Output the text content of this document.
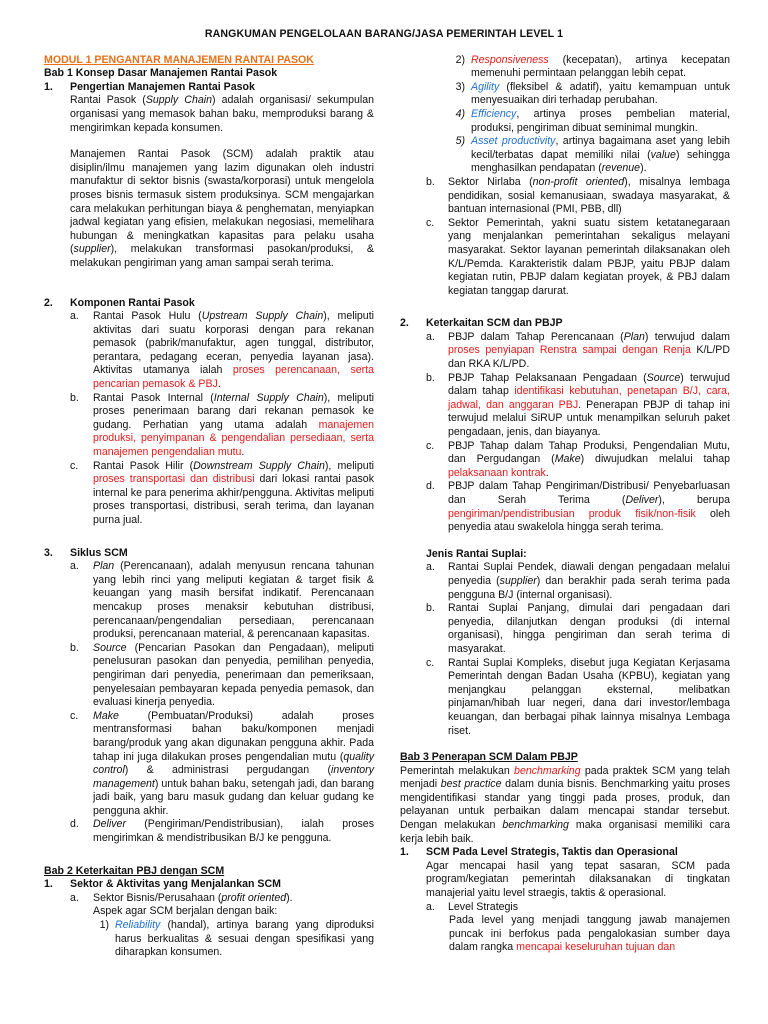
RANGKUMAN PENGELOLAAN BARANG/JASA PEMERINTAH LEVEL 1
MODUL 1 PENGANTAR MANAJEMEN RANTAI PASOK
Bab 1 Konsep Dasar Manajemen Rantai Pasok
1.	Pengertian Manajemen Rantai Pasok
Rantai Pasok (Supply Chain) adalah organisasi/ sekumpulan organisasi yang memasok bahan baku, memproduksi barang & mengirimkan kepada konsumen.
Manajemen Rantai Pasok (SCM) adalah praktik atau disiplin/ilmu manajemen yang lazim digunakan oleh industri manufaktur di sektor bisnis (swasta/korporasi) untuk mengelola proses bisnis termasuk sistem produksinya. SCM mengajarkan cara melakukan perhitungan biaya & penghematan, menyiapkan jadwal kegiatan yang efisien, melakukan negosiasi, memelihara hubungan & meningkatkan kapasitas para pelaku usaha (supplier), melakukan transformasi pasokan/produksi, & melakukan pengiriman yang aman sampai serah terima.
2.	Komponen Rantai Pasok
a.	Rantai Pasok Hulu (Upstream Supply Chain), meliputi aktivitas dari suatu korporasi dengan para rekanan pemasok (pabrik/manufaktur, agen tunggal, distributor, perantara, pedagang eceran, penyedia layanan jasa). Aktivitas utamanya ialah proses perencanaan, serta pencarian pemasok & PBJ.
b.	Rantai Pasok Internal (Internal Supply Chain), meliputi proses penerimaan barang dari rekanan pemasok ke gudang. Perhatian yang utama adalah manajemen produksi, penyimpanan & pengendalian persediaan, serta manajemen pengendalian mutu.
c.	Rantai Pasok Hilir (Downstream Supply Chain), meliputi proses transportasi dan distribusi dari lokasi rantai pasok internal ke para penerima akhir/pengguna. Aktivitas meliputi proses transportasi, distribusi, serah terima, dan layanan purna jual.
3.	Siklus SCM
a.	Plan (Perencanaan), adalah menyusun rencana tahunan yang lebih rinci yang meliputi kegiatan & target fisik & keuangan yang masih bersifat indikatif. Perencanaan mencakup proses menaksir kebutuhan distribusi, perencanaan/pengendalian persediaan, perencanaan produksi, perencanaan material, & perencanaan kapasitas.
b.	Source (Pencarian Pasokan dan Pengadaan), meliputi penelusuran pasokan dan penyedia, pemilihan penyedia, pengiriman dari penyedia, penerimaan dan pemeriksaan, penyelesaian pembayaran kepada penyedia pemasok, dan evaluasi kinerja penyedia.
c.	Make (Pembuatan/Produksi) adalah proses mentransformasi bahan baku/komponen menjadi barang/produk yang akan digunakan pengguna akhir. Pada tahap ini juga dilakukan proses pengendalian mutu (quality control) & administrasi pergudangan (inventory management) untuk bahan baku, setengah jadi, dan barang jadi baik, yang baru masuk gudang dan keluar gudang ke pengguna akhir.
d.	Deliver (Pengiriman/Pendistribusian), ialah proses mengirimkan & mendistribusikan B/J ke pengguna.
Bab 2 Keterkaitan PBJ dengan SCM
1.	Sektor & Aktivitas yang Menjalankan SCM
a.	Sektor Bisnis/Perusahaan (profit oriented).
Aspek agar SCM berjalan dengan baik:
1) Reliability (handal), artinya barang yang diproduksi harus berkualitas & sesuai dengan spesifikasi yang diharapkan konsumen.
2) Responsiveness (kecepatan), artinya kecepatan memenuhi permintaan pelanggan lebih cepat.
3) Agility (fleksibel & adatif), yaitu kemampuan untuk menyesuaikan diri terhadap perubahan.
4) Efficiency, artinya proses pembelian material, produksi, pengiriman dibuat seminimal mungkin.
5) Asset productivity, artinya bagaimana aset yang lebih kecil/terbatas dapat memiliki nilai (value) sehingga menghasilkan pendapatan (revenue).
b.	Sektor Nirlaba (non-profit oriented), misalnya lembaga pendidikan, sosial kemanusiaan, swadaya masyarakat, & bantuan internasional (PMI, PBB, dll)
c.	Sektor Pemerintah, yakni suatu sistem ketatanegaraan yang menjalankan pemerintahan sekaligus melayani masyarakat. Sektor layanan pemerintah dilaksanakan oleh K/L/Pemda. Karakteristik dalam PBJP, yaitu PBJP dalam kegiatan rutin, PBJP dalam kegiatan proyek, & PBJ dalam kegiatan tanggap darurat.
2.	Keterkaitan SCM dan PBJP
a.	PBJP dalam Tahap Perencanaan (Plan) terwujud dalam proses penyiapan Renstra sampai dengan Renja K/L/PD dan RKA K/L/PD.
b.	PBJP Tahap Pelaksanaan Pengadaan (Source) terwujud dalam tahap identifikasi kebutuhan, penetapan B/J, cara, jadwal, dan anggaran PBJ. Penerapan PBJP di tahap ini terwujud melalui SiRUP untuk menampilkan seluruh paket pengadaan, jenis, dan biayanya.
c.	PBJP Tahap dalam Tahap Produksi, Pengendalian Mutu, dan Pergudangan (Make) diwujudkan melalui tahap pelaksanaan kontrak.
d.	PBJP dalam Tahap Pengiriman/Distribusi/ Penyebarluasan dan Serah Terima (Deliver), berupa pengiriman/pendistribusian produk fisik/non-fisik oleh penyedia atau swakelola hingga serah terima.
Jenis Rantai Suplai:
a.	Rantai Suplai Pendek, diawali dengan pengadaan melalui penyedia (supplier) dan berakhir pada serah terima pada pengguna B/J (internal organisasi).
b.	Rantai Suplai Panjang, dimulai dari pengadaan dari penyedia, dilanjutkan dengan produksi (di internal organisasi), hingga pengiriman dan serah terima di masyarakat.
c.	Rantai Suplai Kompleks, disebut juga Kegiatan Kerjasama Pemerintah dengan Badan Usaha (KPBU), kegiatan yang menjangkau pelanggan eksternal, melibatkan pinjaman/hibah luar negeri, dana dari investor/lembaga keuangan, dan berbagai pihak lainnya misalnya Lembaga riset.
Bab 3 Penerapan SCM Dalam PBJP
Pemerintah melakukan benchmarking pada praktek SCM yang telah menjadi best practice dalam dunia bisnis. Benchmarking yaitu proses mengidentifikasi standar yang tinggi pada proses, produk, dan pelayanan untuk perbaikan dalam mencapai standar tersebut. Dengan melakukan benchmarking maka organisasi memiliki cara kerja lebih baik.
1.	SCM Pada Level Strategis, Taktis dan Operasional
Agar mencapai hasil yang tepat sasaran, SCM pada program/kegiatan pemerintah dilaksanakan di tingkatan manajerial yaitu level straegis, taktis & operasional.
a.	Level Strategis
Pada level yang menjadi tanggung jawab manajemen puncak ini berfokus pada pengalokasian sumber daya dalam rangka mencapai keseluruhan tujuan dan
